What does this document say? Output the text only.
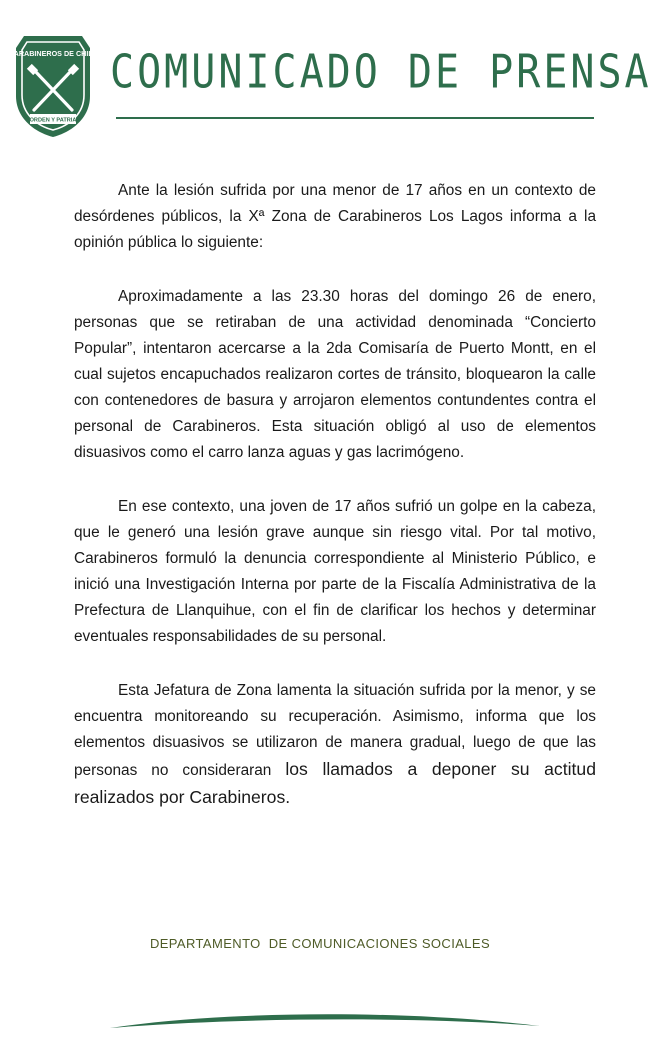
CARABINEROS DE CHILE
ORDEN Y PATRIA
COMUNICADO DE PRENSA

Ante la lesión sufrida por una menor de 17 años en un contexto de desórdenes públicos, la Xª Zona de Carabineros Los Lagos informa a la opinión pública lo siguiente:

Aproximadamente a las 23.30 horas del domingo 26 de enero, personas que se retiraban de una actividad denominada “Concierto Popular”, intentaron acercarse a la 2da Comisaría de Puerto Montt, en el cual sujetos encapuchados realizaron cortes de tránsito, bloquearon la calle con contenedores de basura y arrojaron elementos contundentes contra el personal de Carabineros. Esta situación obligó al uso de elementos disuasivos como el carro lanza aguas y gas lacrimógeno.

En ese contexto, una joven de 17 años sufrió un golpe en la cabeza, que le generó una lesión grave aunque sin riesgo vital. Por tal motivo, Carabineros formuló la denuncia correspondiente al Ministerio Público, e inició una Investigación Interna por parte de la Fiscalía Administrativa de la Prefectura de Llanquihue, con el fin de clarificar los hechos y determinar eventuales responsabilidades de su personal.

Esta Jefatura de Zona lamenta la situación sufrida por la menor, y se encuentra monitoreando su recuperación. Asimismo, informa que los elementos disuasivos se utilizaron de manera gradual, luego de que las personas no consideraran los llamados a deponer su actitud realizados por Carabineros.

DEPARTAMENTO  DE COMUNICACIONES SOCIALES
